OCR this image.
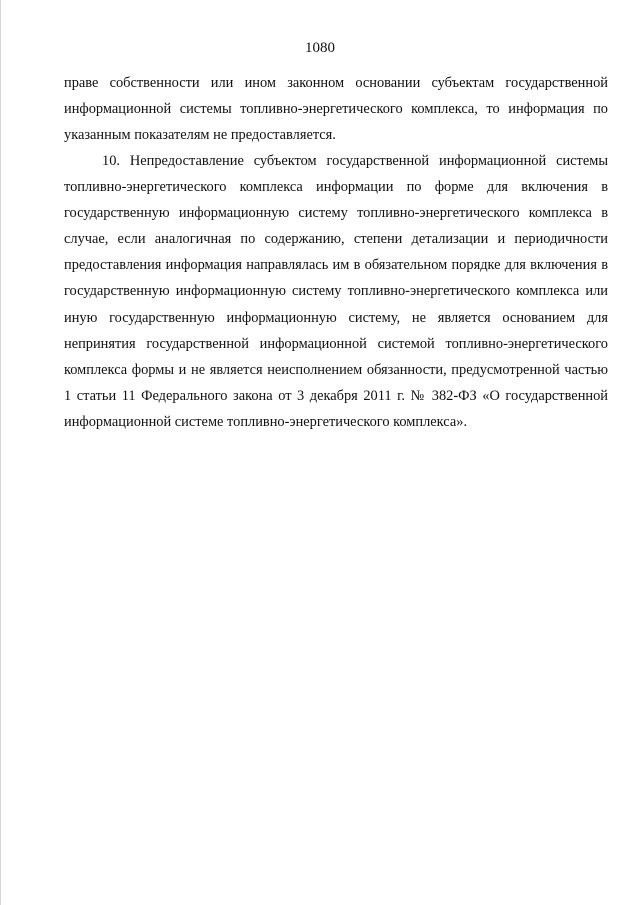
1080

праве собственности или ином законном основании субъектам государственной информационной системы топливно-энергетического комплекса, то информация по указанным показателям не предоставляется.

10. Непредоставление субъектом государственной информационной системы топливно-энергетического комплекса информации по форме для включения в государственную информационную систему топливно-энергетического комплекса в случае, если аналогичная по содержанию, степени детализации и периодичности предоставления информация направлялась им в обязательном порядке для включения в государственную информационную систему топливно-энергетического комплекса или иную государственную информационную систему, не является основанием для непринятия государственной информационной системой топливно-энергетического комплекса формы и не является неисполнением обязанности, предусмотренной частью 1 статьи 11 Федерального закона от 3 декабря 2011 г. № 382-ФЗ «О государственной информационной системе топливно-энергетического комплекса».
